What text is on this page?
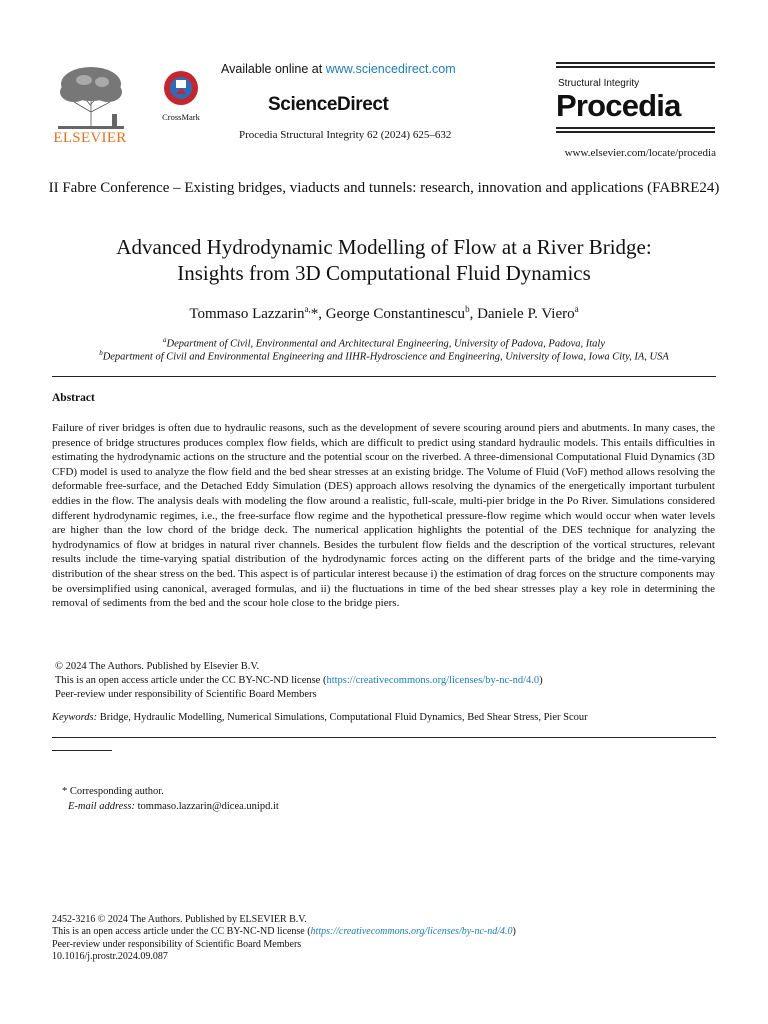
ELSEVIER
CrossMark
Available online at www.sciencedirect.com
ScienceDirect
Procedia Structural Integrity 62 (2024) 625–632
Structural Integrity
Procedia
www.elsevier.com/locate/procedia
II Fabre Conference – Existing bridges, viaducts and tunnels: research, innovation and applications (FABRE24)
Advanced Hydrodynamic Modelling of Flow at a River Bridge:
Insights from 3D Computational Fluid Dynamics
Tommaso Lazzarin$^{a,}$*, George Constantinescu$^b$, Daniele P. Viero$^a$
$^a$Department of Civil, Environmental and Architectural Engineering, University of Padova, Padova, Italy
$^b$Department of Civil and Environmental Engineering and IIHR-Hydroscience and Engineering, University of Iowa, Iowa City, IA, USA
Abstract
Failure of river bridges is often due to hydraulic reasons, such as the development of severe scouring around piers and abutments. In many cases, the presence of bridge structures produces complex flow fields, which are difficult to predict using standard hydraulic models. This entails difficulties in estimating the hydrodynamic actions on the structure and the potential scour on the riverbed. A three-dimensional Computational Fluid Dynamics (3D CFD) model is used to analyze the flow field and the bed shear stresses at an existing bridge. The Volume of Fluid (VoF) method allows resolving the deformable free-surface, and the Detached Eddy Simulation (DES) approach allows resolving the dynamics of the energetically important turbulent eddies in the flow. The analysis deals with modeling the flow around a realistic, full-scale, multi-pier bridge in the Po River. Simulations considered different hydrodynamic regimes, i.e., the free-surface flow regime and the hypothetical pressure-flow regime which would occur when water levels are higher than the low chord of the bridge deck. The numerical application highlights the potential of the DES technique for analyzing the hydrodynamics of flow at bridges in natural river channels. Besides the turbulent flow fields and the description of the vortical structures, relevant results include the time-varying spatial distribution of the hydrodynamic forces acting on the different parts of the bridge and the time-varying distribution of the shear stress on the bed. This aspect is of particular interest because i) the estimation of drag forces on the structure components may be oversimplified using canonical, averaged formulas, and ii) the fluctuations in time of the bed shear stresses play a key role in determining the removal of sediments from the bed and the scour hole close to the bridge piers.
© 2024 The Authors. Published by Elsevier B.V.
This is an open access article under the CC BY-NC-ND license (https://creativecommons.org/licenses/by-nc-nd/4.0)
Peer-review under responsibility of Scientific Board Members
Keywords: Bridge, Hydraulic Modelling, Numerical Simulations, Computational Fluid Dynamics, Bed Shear Stress, Pier Scour
* Corresponding author.
E-mail address: tommaso.lazzarin@dicea.unipd.it
2452-3216 © 2024 The Authors. Published by ELSEVIER B.V.
This is an open access article under the CC BY-NC-ND license (https://creativecommons.org/licenses/by-nc-nd/4.0)
Peer-review under responsibility of Scientific Board Members
10.1016/j.prostr.2024.09.087
